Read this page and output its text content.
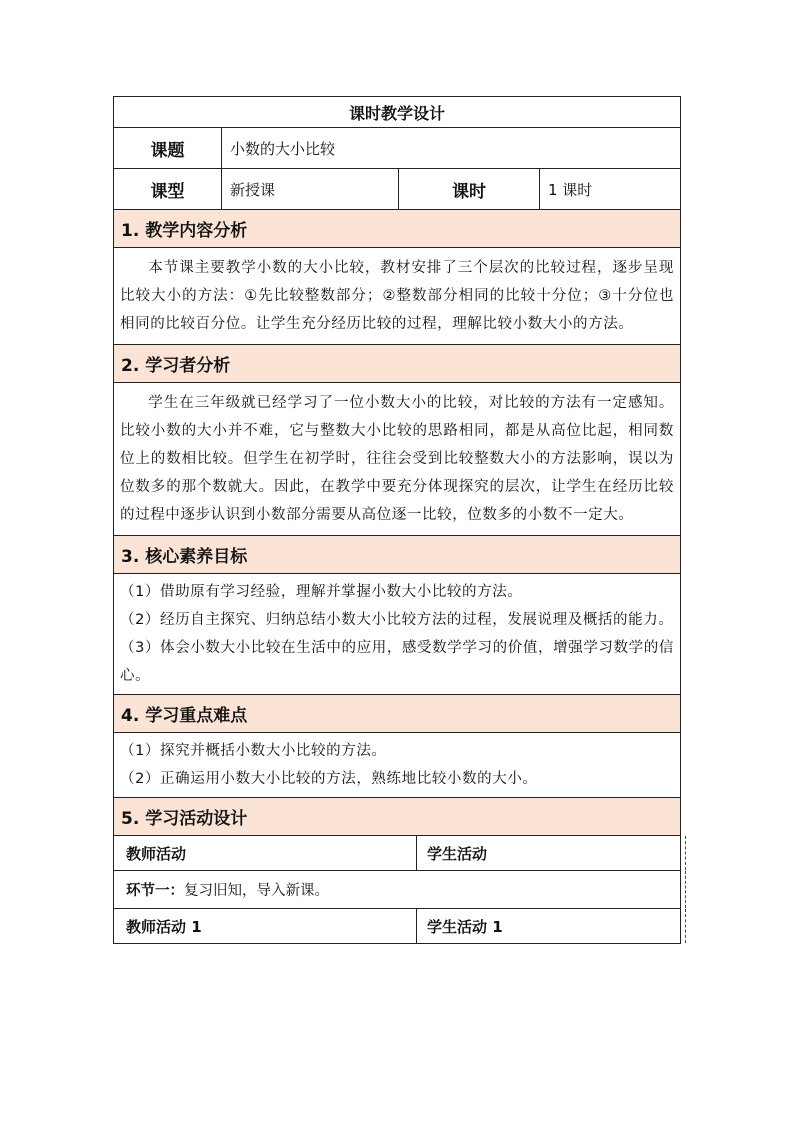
课时教学设计
课题	小数的大小比较
课型	新授课	课时	1 课时
1. 教学内容分析
本节课主要教学小数的大小比较，教材安排了三个层次的比较过程，逐步呈现比较大小的方法：①先比较整数部分；②整数部分相同的比较十分位；③十分位也相同的比较百分位。让学生充分经历比较的过程，理解比较小数大小的方法。
2. 学习者分析
学生在三年级就已经学习了一位小数大小的比较，对比较的方法有一定感知。比较小数的大小并不难，它与整数大小比较的思路相同，都是从高位比起，相同数位上的数相比较。但学生在初学时，往往会受到比较整数大小的方法影响，误以为位数多的那个数就大。因此，在教学中要充分体现探究的层次，让学生在经历比较的过程中逐步认识到小数部分需要从高位逐一比较，位数多的小数不一定大。
3. 核心素养目标
（1）借助原有学习经验，理解并掌握小数大小比较的方法。
（2）经历自主探究、归纳总结小数大小比较方法的过程，发展说理及概括的能力。
（3）体会小数大小比较在生活中的应用，感受数学学习的价值，增强学习数学的信心。
4. 学习重点难点
（1）探究并概括小数大小比较的方法。
（2）正确运用小数大小比较的方法，熟练地比较小数的大小。
5. 学习活动设计
教师活动	学生活动
环节一： 复习旧知，导入新课。
教师活动 1	学生活动 1
